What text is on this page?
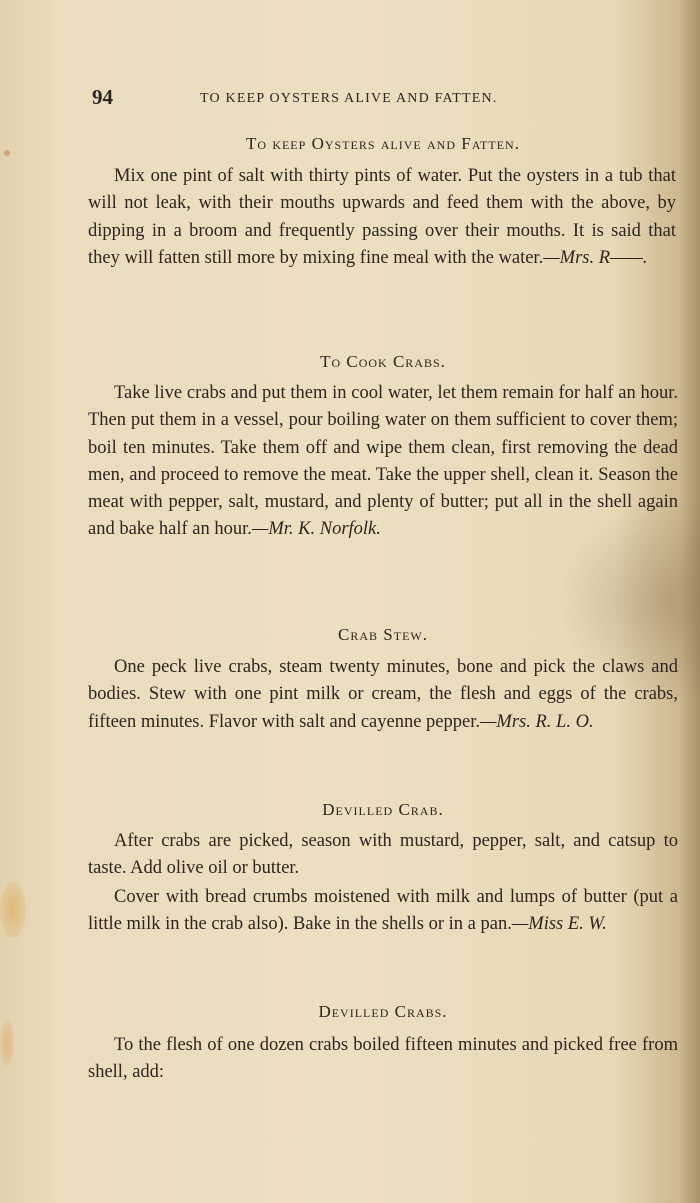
94	TO KEEP OYSTERS ALIVE AND FATTEN.
To keep Oysters alive and Fatten.
Mix one pint of salt with thirty pints of water. Put the oysters in a tub that will not leak, with their mouths upwards and feed them with the above, by dipping in a broom and frequently passing over their mouths. It is said that they will fatten still more by mixing fine meal with the water.—Mrs. R——.
To Cook Crabs.
Take live crabs and put them in cool water, let them remain for half an hour. Then put them in a vessel, pour boiling water on them sufficient to cover them; boil ten minutes. Take them off and wipe them clean, first removing the dead men, and proceed to remove the meat. Take the upper shell, clean it. Season the meat with pepper, salt, mustard, and plenty of butter; put all in the shell again and bake half an hour.—Mr. K. Norfolk.
Crab Stew.
One peck live crabs, steam twenty minutes, bone and pick the claws and bodies. Stew with one pint milk or cream, the flesh and eggs of the crabs, fifteen minutes. Flavor with salt and cayenne pepper.—Mrs. R. L. O.
Devilled Crab.
After crabs are picked, season with mustard, pepper, salt, and catsup to taste. Add olive oil or butter.
Cover with bread crumbs moistened with milk and lumps of butter (put a little milk in the crab also). Bake in the shells or in a pan.—Miss E. W.
Devilled Crabs.
To the flesh of one dozen crabs boiled fifteen minutes and picked free from shell, add:
